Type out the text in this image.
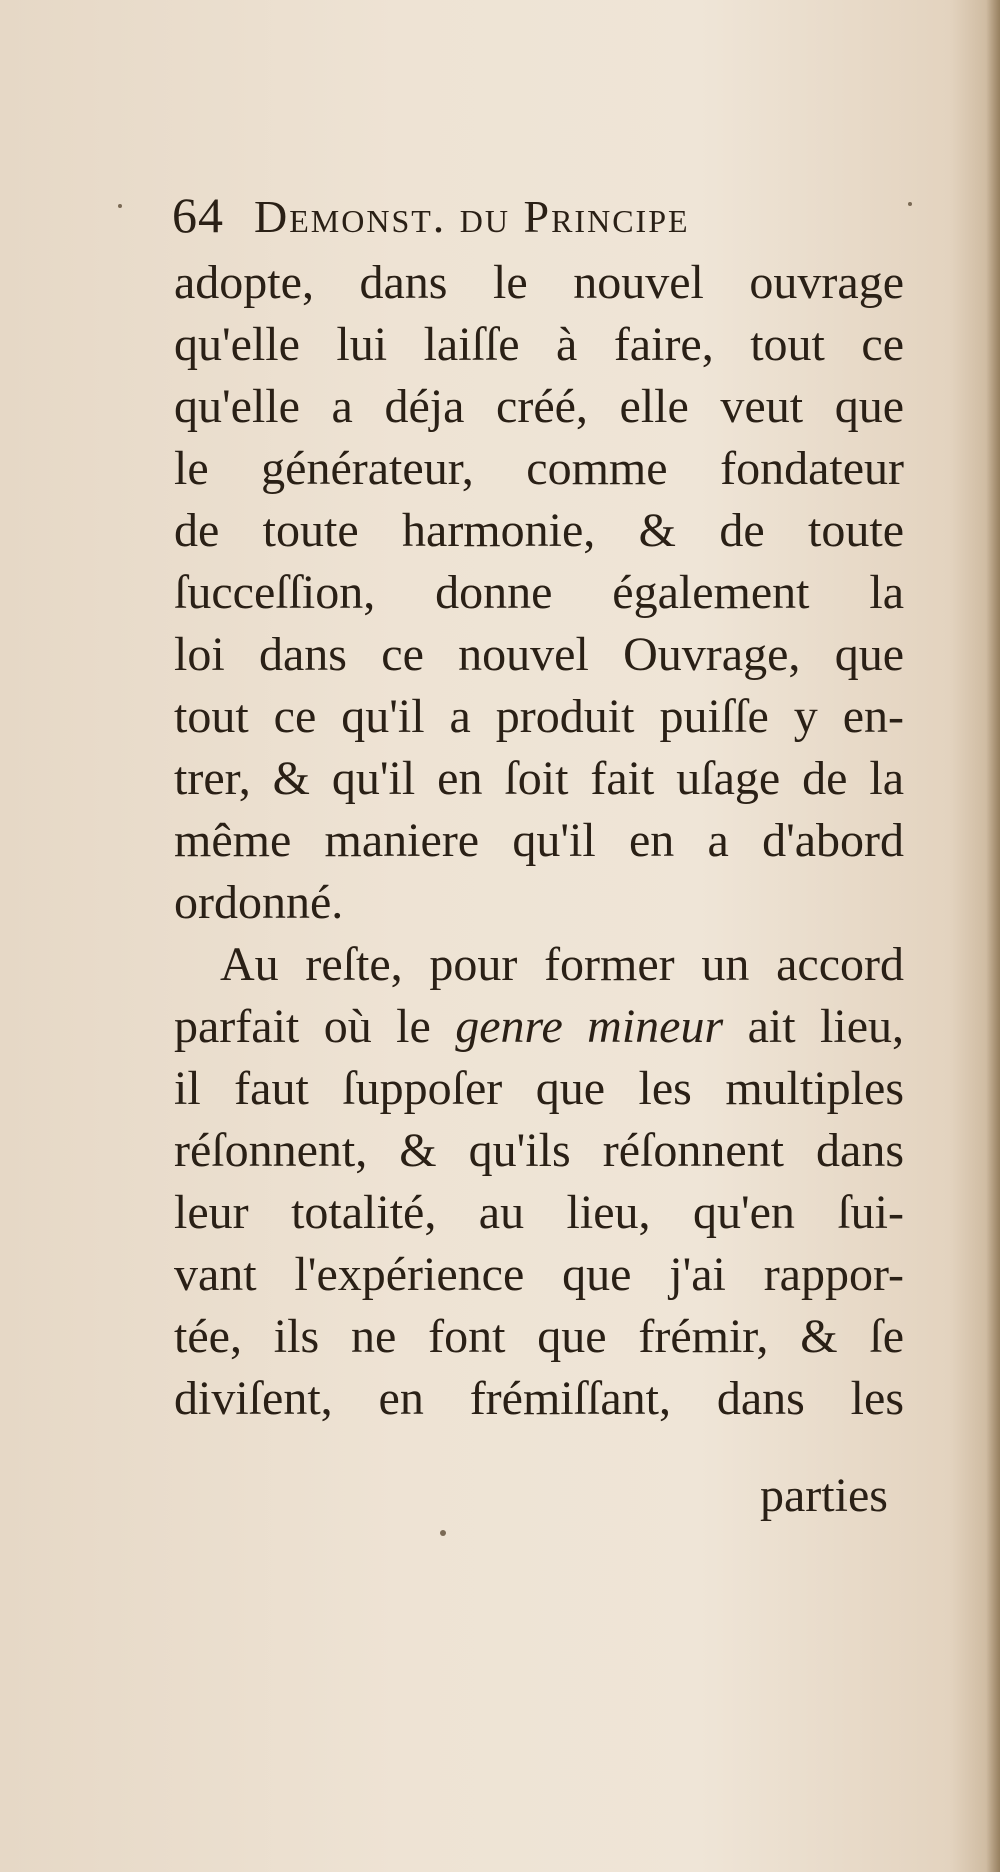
64 Demonst. du Principe
adopte, dans le nouvel ouvrage
qu'elle lui laiſſe à faire, tout ce
qu'elle a déja créé, elle veut que
le générateur, comme fondateur
de toute harmonie, & de toute
ſucceſſion, donne également la
loi dans ce nouvel Ouvrage, que
tout ce qu'il a produit puiſſe y en-
trer, & qu'il en ſoit fait uſage de la
même maniere qu'il en a d'abord
ordonné.
Au reſte, pour former un accord
parfait où le genre mineur ait lieu,
il faut ſuppoſer que les multiples
réſonnent, & qu'ils réſonnent dans
leur totalité, au lieu, qu'en ſui-
vant l'expérience que j'ai rappor-
tée, ils ne font que frémir, & ſe
diviſent, en frémiſſant, dans les
parties
